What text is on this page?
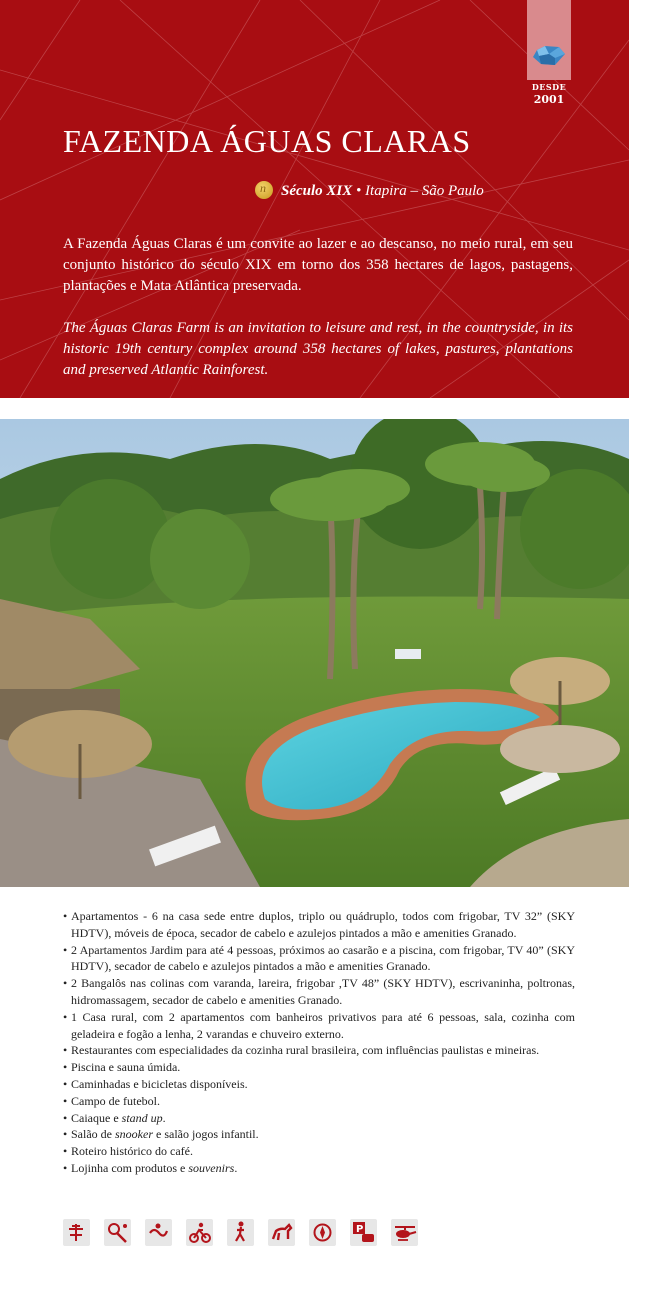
DESDE
2001
FAZENDA ÁGUAS CLARAS
nSéculo XIX • Itapira – São Paulo

A Fazenda Águas Claras é um convite ao lazer e ao descanso, no meio rural, em seu conjunto histórico do século XIX em torno dos 358 hectares de lagos, pastagens, plantações e Mata Atlântica preservada.

The Águas Claras Farm is an invitation to leisure and rest, in the countryside, in its historic 19th century complex around 358 hectares of lakes, pastures, plantations and preserved Atlantic Rainforest.

• Apartamentos - 6 na casa sede entre duplos, triplo ou quádruplo, todos com frigobar, TV 32” (SKY HDTV), móveis de época, secador de cabelo e azulejos pintados a mão e amenities Granado.
• 2 Apartamentos Jardim para até 4 pessoas, próximos ao casarão e a piscina, com frigobar, TV 40” (SKY HDTV), secador de cabelo e azulejos pintados a mão e amenities Granado.
• 2 Bangalôs nas colinas com varanda, lareira, frigobar ,TV 48” (SKY HDTV), escrivaninha, poltronas, hidromassagem, secador de cabelo e amenities Granado.
• 1 Casa rural, com 2 apartamentos com banheiros privativos para até 6 pessoas, sala, cozinha com geladeira e fogão a lenha, 2 varandas e chuveiro externo.
• Restaurantes com especialidades da cozinha rural brasileira, com influências paulistas e mineiras.
• Piscina e sauna úmida.
• Caminhadas e bicicletas disponíveis.
• Campo de futebol.
• Caiaque e stand up.
• Salão de snooker e salão jogos infantil.
• Roteiro histórico do café.
• Lojinha com produtos e souvenirs.
P
